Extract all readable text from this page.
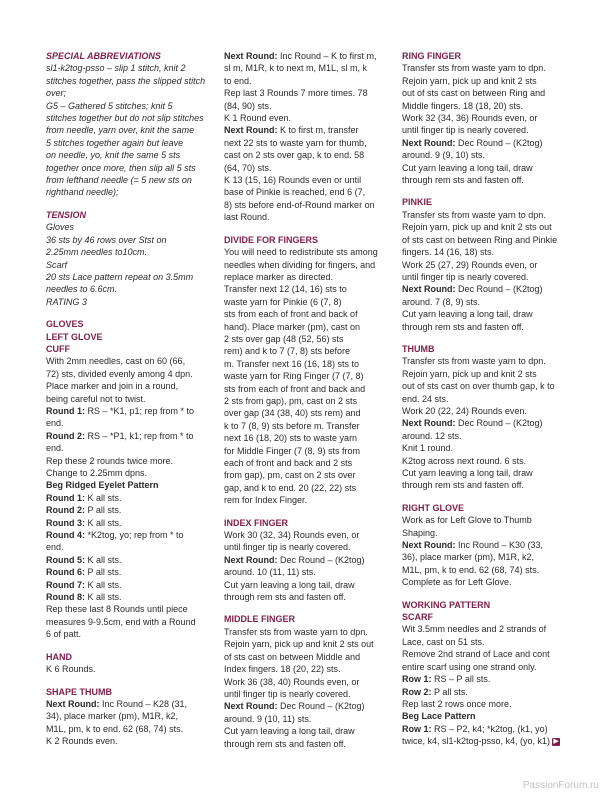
SPECIAL ABBREVIATIONS

sl1-k2tog-psso – slip 1 stitch, knit 2

stitches together, pass the slipped stitch

over;

G5 – Gathered 5 stitches; knit 5

stitches together but do not slip stitches

from needle, yarn over, knit the same

5 stitches together again but leave

on needle, yo, knit the same 5 sts

together once more, then slip all 5 sts

from lefthand needle (= 5 new sts on

righthand needle);

TENSION

Gloves

36 sts by 46 rows over Stst on

2.25mm needles to10cm.

Scarf

20 sts Lace pattern repeat on 3.5mm

needles to 6.6cm.

RATING 3

GLOVES

LEFT GLOVE

CUFF

With 2mm needles, cast on 60 (66,

72) sts, divided evenly among 4 dpn.

Place marker and join in a round,

being careful not to twist.

Round 1: RS – *K1, p1; rep from * to

end.

Round 2: RS – *P1, k1; rep from * to

end.

Rep these 2 rounds twice more.

Change to 2.25mm dpns.

Beg Ridged Eyelet Pattern

Round 1: K all sts.

Round 2: P all sts.

Round 3: K all sts.

Round 4: *K2tog, yo; rep from * to

end.

Round 5: K all sts.

Round 6: P all sts.

Round 7: K all sts.

Round 8: K all sts.

Rep these last 8 Rounds until piece

measures 9-9.5cm, end with a Round

6 of patt.

HAND

K 6 Rounds.

SHAPE THUMB

Next Round: Inc Round – K28 (31,

34), place marker (pm), M1R, k2,

M1L, pm, k to end. 62 (68, 74) sts.

K 2 Rounds even.

Next Round: Inc Round – K to first m,

sl m, M1R, k to next m, M1L, sl m, k

to end.

Rep last 3 Rounds 7 more times. 78

(84, 90) sts.

K 1 Round even.

Next Round: K to first m, transfer

next 22 sts to waste yarn for thumb,

cast on 2 sts over gap, k to end. 58

(64, 70) sts.

K 13 (15, 16) Rounds even or until

base of Pinkie is reached, end 6 (7,

8) sts before end-of-Round marker on

last Round.

DIVIDE FOR FINGERS

You will need to redistribute sts among

needles when dividing for fingers, and

replace marker as directed.

Transfer next 12 (14, 16) sts to

waste yarn for Pinkie (6 (7, 8)

sts from each of front and back of

hand). Place marker (pm), cast on

2 sts over gap (48 (52, 56) sts

rem) and k to 7 (7, 8) sts before

m. Transfer next 16 (16, 18) sts to

waste yarn for Ring Finger (7 (7, 8)

sts from each of front and back and

2 sts from gap), pm, cast on 2 sts

over gap (34 (38, 40) sts rem) and

k to 7 (8, 9) sts before m. Transfer

next 16 (18, 20) sts to waste yarn

for Middle Finger (7 (8, 9) sts from

each of front and back and 2 sts

from gap), pm, cast on 2 sts over

gap, and k to end. 20 (22, 22) sts

rem for Index Finger.

INDEX FINGER

Work 30 (32, 34) Rounds even, or

until finger tip is nearly covered.

Next Round: Dec Round – (K2tog)

around. 10 (11, 11) sts.

Cut yarn leaving a long tail, draw

through rem sts and fasten off.

MIDDLE FINGER

Transfer sts from waste yarn to dpn.

Rejoin yarn, pick up and knit 2 sts out

of sts cast on between Middle and

Index fingers. 18 (20, 22) sts.

Work 36 (38, 40) Rounds even, or

until finger tip is nearly covered.

Next Round: Dec Round – (K2tog)

around. 9 (10, 11) sts.

Cut yarn leaving a long tail, draw

through rem sts and fasten off.

RING FINGER

Transfer sts from waste yarn to dpn.

Rejoin yarn, pick up and knit 2 sts

out of sts cast on between Ring and

Middle fingers. 18 (18, 20) sts.

Work 32 (34, 36) Rounds even, or

until finger tip is nearly covered.

Next Round: Dec Round – (K2tog)

around. 9 (9, 10) sts.

Cut yarn leaving a long tail, draw

through rem sts and fasten off.

PINKIE

Transfer sts from waste yarn to dpn.

Rejoin yarn, pick up and knit 2 sts out

of sts cast on between Ring and Pinkie

fingers. 14 (16, 18) sts.

Work 25 (27, 29) Rounds even, or

until finger tip is nearly covered.

Next Round: Dec Round – (K2tog)

around. 7 (8, 9) sts.

Cut yarn leaving a long tail, draw

through rem sts and fasten off.

THUMB

Transfer sts from waste yarn to dpn.

Rejoin yarn, pick up and knit 2 sts

out of sts cast on over thumb gap, k to

end. 24 sts.

Work 20 (22, 24) Rounds even.

Next Round: Dec Round – (K2tog)

around. 12 sts.

Knit 1 round.

K2tog across next round. 6 sts.

Cut yarn leaving a long tail, draw

through rem sts and fasten off.

RIGHT GLOVE

Work as for Left Glove to Thumb

Shaping.

Next Round: Inc Round – K30 (33,

36), place marker (pm), M1R, k2,

M1L, pm, k to end. 62 (68, 74) sts.

Complete as for Left Glove.

WORKING PATTERN

SCARF

Wit 3.5mm needles and 2 strands of

Lace, cast on 51 sts.

Remove 2nd strand of Lace and cont

entire scarf using one strand only.

Row 1: RS – P all sts.

Row 2: P all sts.

Rep last 2 rows once more.

Beg Lace Pattern

Row 1: RS – P2, k4; *k2tog, (k1, yo)

twice, k4, sl1-k2tog-psso, k4, (yo, k1) ▶

PassionForum.ru
